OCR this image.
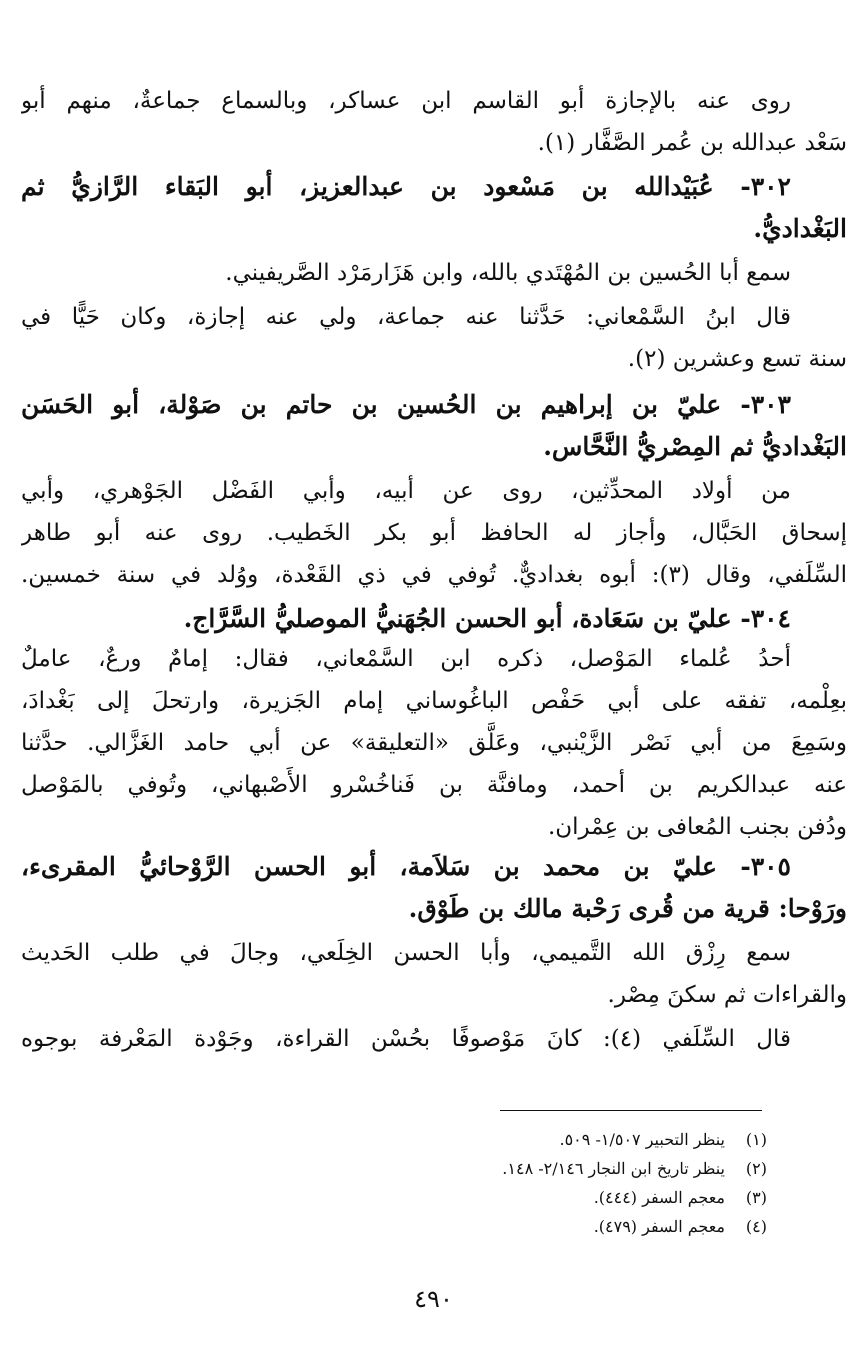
روى عنه بالإجازة أبو القاسم ابن عساكر، وبالسماع جماعةٌ، منهم أبو
سَعْد عبدالله بن عُمر الصَّفَّار (١).
٣٠٢- عُبَيْدالله بن مَسْعود بن عبدالعزيز، أبو البَقاء الرَّازيُّ ثم
البَغْداديُّ.
سمع أبا الحُسين بن المُهْتَدي بالله، وابن هَزَارمَرْد الصَّريفيني.
قال ابنُ السَّمْعاني: حَدَّثنا عنه جماعة، ولي عنه إجازة، وكان حَيًّا في
سنة تسع وعشرين (٢).
٣٠٣- عليّ بن إبراهيم بن الحُسين بن حاتم بن صَوْلة، أبو الحَسَن
البَغْداديُّ ثم المِصْريُّ النَّحَّاس.
من أولاد المحدِّثين، روى عن أبيه، وأبي الفَضْل الجَوْهري، وأبي
إسحاق الحَبَّال، وأجاز له الحافظ أبو بكر الخَطيب. روى عنه أبو طاهر
السِّلَفي، وقال (٣): أبوه بغداديٌّ. تُوفي في ذي القَعْدة، ووُلد في سنة خمسين.
٣٠٤- عليّ بن سَعَادة، أبو الحسن الجُهَنيُّ الموصليُّ السَّرَّاج.
أحدُ عُلماء المَوْصل، ذكره ابن السَّمْعاني، فقال: إمامٌ ورعٌ، عاملٌ
بعِلْمه، تفقه على أبي حَفْص الباغُوساني إمام الجَزيرة، وارتحلَ إلى بَغْدادَ،
وسَمِعَ من أبي نَصْر الزَّيْنبي، وعَلَّق «التعليقة» عن أبي حامد الغَزَّالي. حدَّثنا
عنه عبدالكريم بن أحمد، ومافنَّة بن فَناخُسْرو الأَصْبهاني، وتُوفي بالمَوْصل
ودُفن بجنب المُعافى بن عِمْران.
٣٠٥- عليّ بن محمد بن سَلاَمة، أبو الحسن الرَّوْحائيُّ المقرىء،
ورَوْحا: قرية من قُرى رَحْبة مالك بن طَوْق.
سمع رِزْق الله التَّميمي، وأبا الحسن الخِلَعي، وجالَ في طلب الحَديث
والقراءات ثم سكنَ مِصْر.
قال السِّلَفي (٤): كانَ مَوْصوفًا بحُسْن القراءة، وجَوْدة المَعْرفة بوجوه
(١)ينظر التحبير ١/٥٠٧- ٥٠٩.
(٢)ينظر تاريخ ابن النجار ٢/١٤٦- ١٤٨.
(٣)معجم السفر (٤٤٤).
(٤)معجم السفر (٤٧٩).
٤٩٠
